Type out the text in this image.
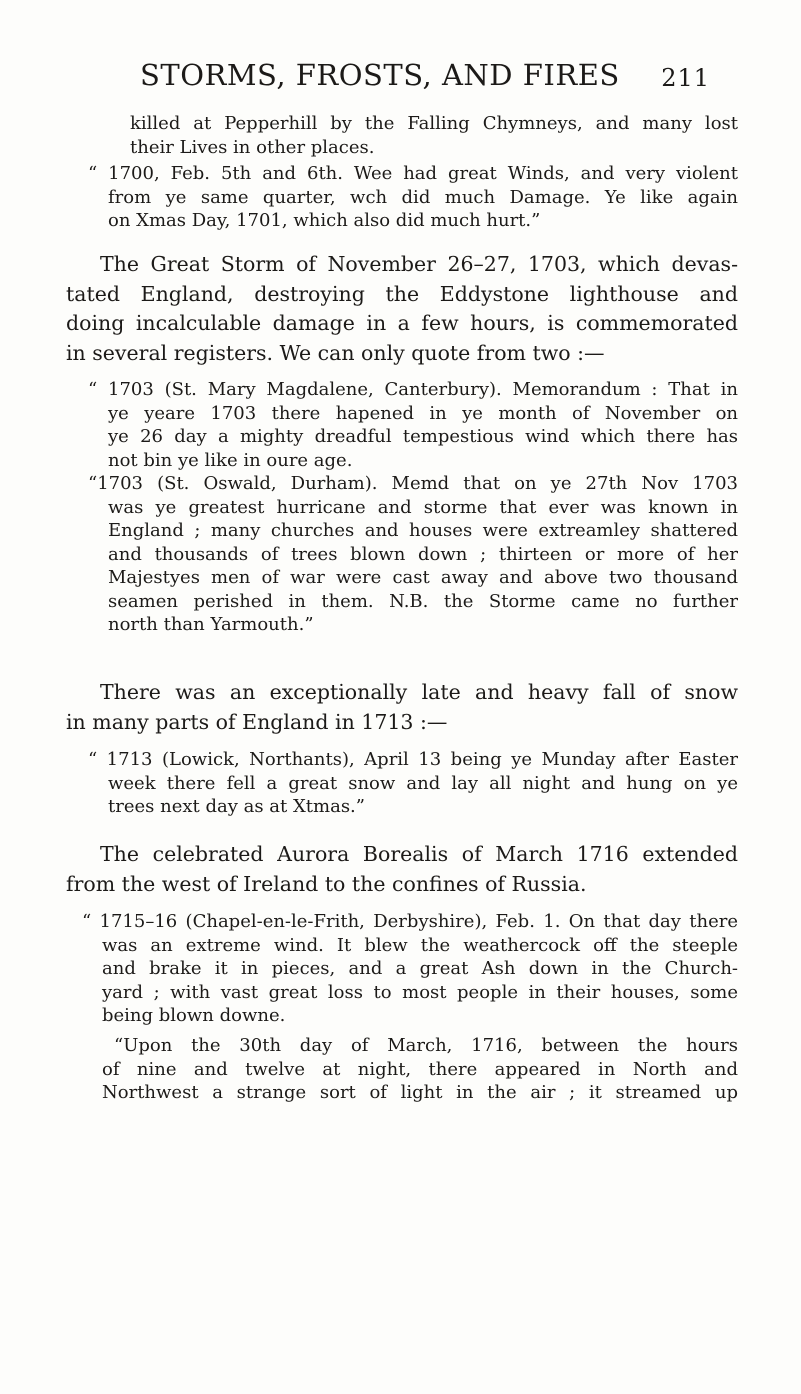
STORMS, FROSTS, AND FIRES 211

killed at Pepperhill by the Falling Chymneys, and many lost
their Lives in other places.

“ 1700, Feb. 5th and 6th. Wee had great Winds, and very violent
from ye same quarter, wch did much Damage. Ye like again
on Xmas Day, 1701, which also did much hurt.”

The Great Storm of November 26–27, 1703, which devas-
tated England, destroying the Eddystone lighthouse and
doing incalculable damage in a few hours, is commemorated
in several registers. We can only quote from two :—

“ 1703 (St. Mary Magdalene, Canterbury). Memorandum : That in
ye yeare 1703 there hapened in ye month of November on
ye 26 day a mighty dreadful tempestious wind which there has
not bin ye like in oure age.

“1703 (St. Oswald, Durham). Memd that on ye 27th Nov 1703
was ye greatest hurricane and storme that ever was known in
England ; many churches and houses were extreamley shattered
and thousands of trees blown down ; thirteen or more of her
Majestyes men of war were cast away and above two thousand
seamen perished in them. N.B. the Storme came no further
north than Yarmouth.”

There was an exceptionally late and heavy fall of snow
in many parts of England in 1713 :—

“ 1713 (Lowick, Northants), April 13 being ye Munday after Easter
week there fell a great snow and lay all night and hung on ye
trees next day as at Xtmas.”

The celebrated Aurora Borealis of March 1716 extended
from the west of Ireland to the confines of Russia.

“ 1715–16 (Chapel-en-le-Frith, Derbyshire), Feb. 1. On that day there
was an extreme wind. It blew the weathercock off the steeple
and brake it in pieces, and a great Ash down in the Church-
yard ; with vast great loss to most people in their houses, some
being blown downe.

“Upon the 30th day of March, 1716, between the hours
of nine and twelve at night, there appeared in North and
Northwest a strange sort of light in the air ; it streamed up
